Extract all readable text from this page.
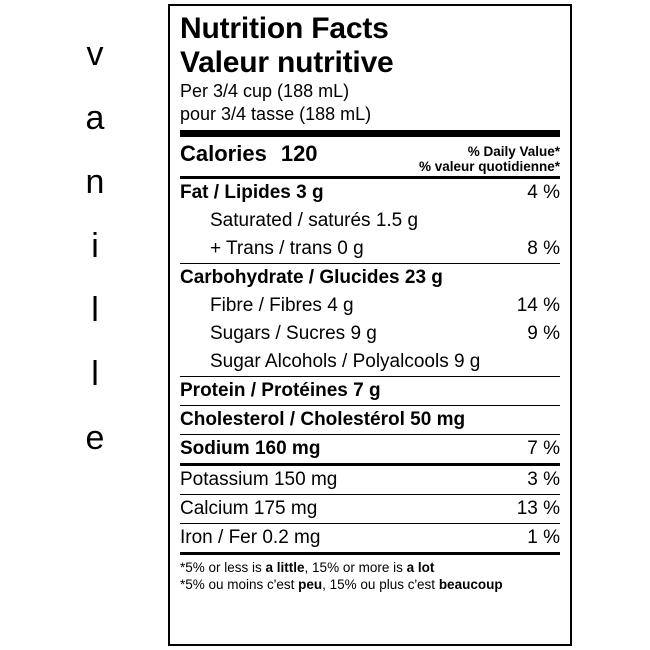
v
a
n
i
l
l
e
Nutrition Facts
Valeur nutritive
Per 3/4 cup (188 mL)
pour 3/4 tasse (188 mL)
Calories 120	% Daily Value*
% valeur quotidienne*
Fat / Lipides 3 g	4 %
Saturated / saturés 1.5 g
+ Trans / trans 0 g	8 %
Carbohydrate / Glucides 23 g
Fibre / Fibres 4 g	14 %
Sugars / Sucres 9 g	9 %
Sugar Alcohols / Polyalcools 9 g
Protein / Protéines 7 g
Cholesterol / Cholestérol 50 mg
Sodium 160 mg	7 %
Potassium 150 mg	3 %
Calcium 175 mg	13 %
Iron / Fer 0.2 mg	1 %
*5% or less is a little, 15% or more is a lot
*5% ou moins c'est peu, 15% ou plus c'est beaucoup
